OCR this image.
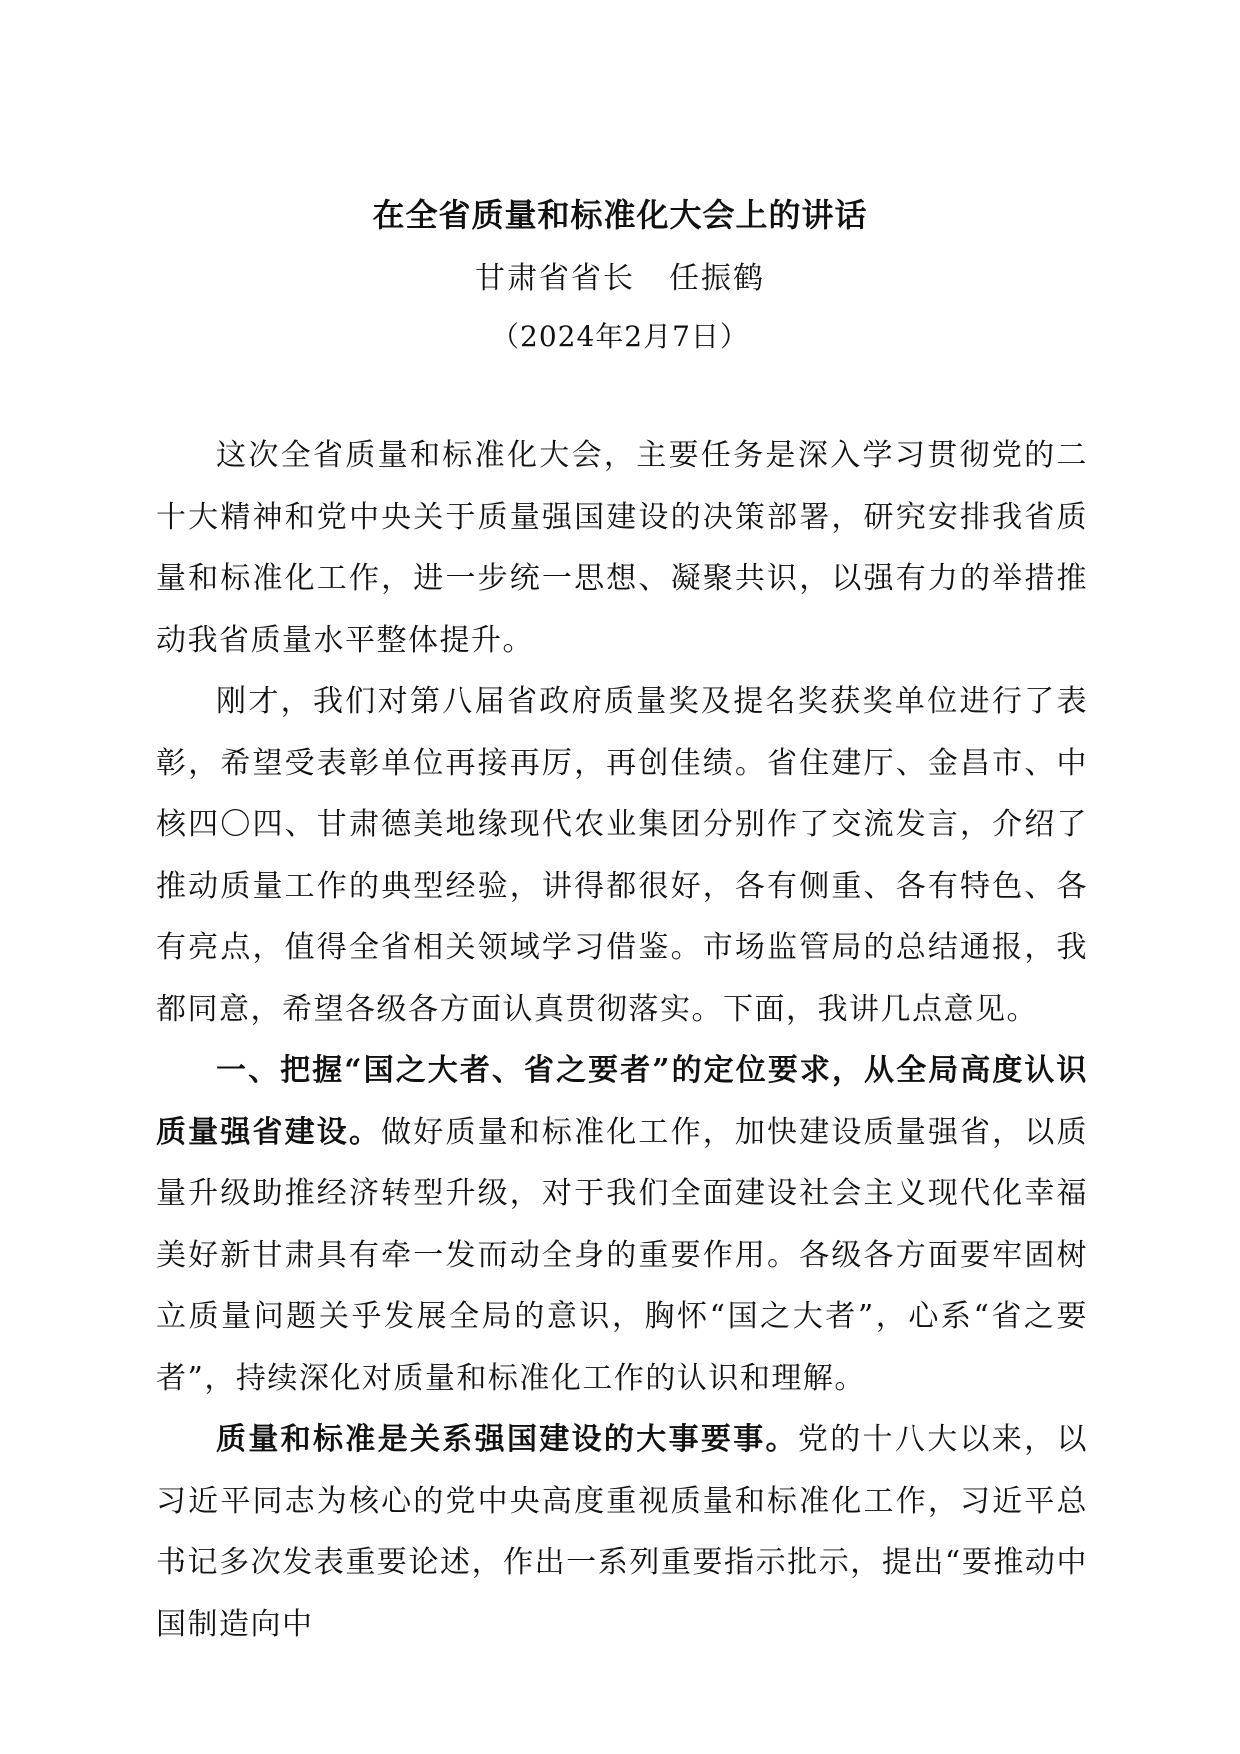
在全省质量和标准化大会上的讲话
甘肃省省长 任振鹤
（2024年2月7日）

这次全省质量和标准化大会，主要任务是深入学习贯彻党的二十大精神和党中央关于质量强国建设的决策部署，研究安排我省质量和标准化工作，进一步统一思想、凝聚共识，以强有力的举措推动我省质量水平整体提升。

刚才，我们对第八届省政府质量奖及提名奖获奖单位进行了表彰，希望受表彰单位再接再厉，再创佳绩。省住建厅、金昌市、中核四〇四、甘肃德美地缘现代农业集团分别作了交流发言，介绍了推动质量工作的典型经验，讲得都很好，各有侧重、各有特色、各有亮点，值得全省相关领域学习借鉴。市场监管局的总结通报，我都同意，希望各级各方面认真贯彻落实。下面，我讲几点意见。

一、把握“国之大者、省之要者”的定位要求，从全局高度认识质量强省建设。做好质量和标准化工作，加快建设质量强省，以质量升级助推经济转型升级，对于我们全面建设社会主义现代化幸福美好新甘肃具有牵一发而动全身的重要作用。各级各方面要牢固树立质量问题关乎发展全局的意识，胸怀“国之大者”，心系“省之要者”，持续深化对质量和标准化工作的认识和理解。

质量和标准是关系强国建设的大事要事。党的十八大以来，以习近平同志为核心的党中央高度重视质量和标准化工作，习近平总书记多次发表重要论述，作出一系列重要指示批示，提出“要推动中国制造向中
